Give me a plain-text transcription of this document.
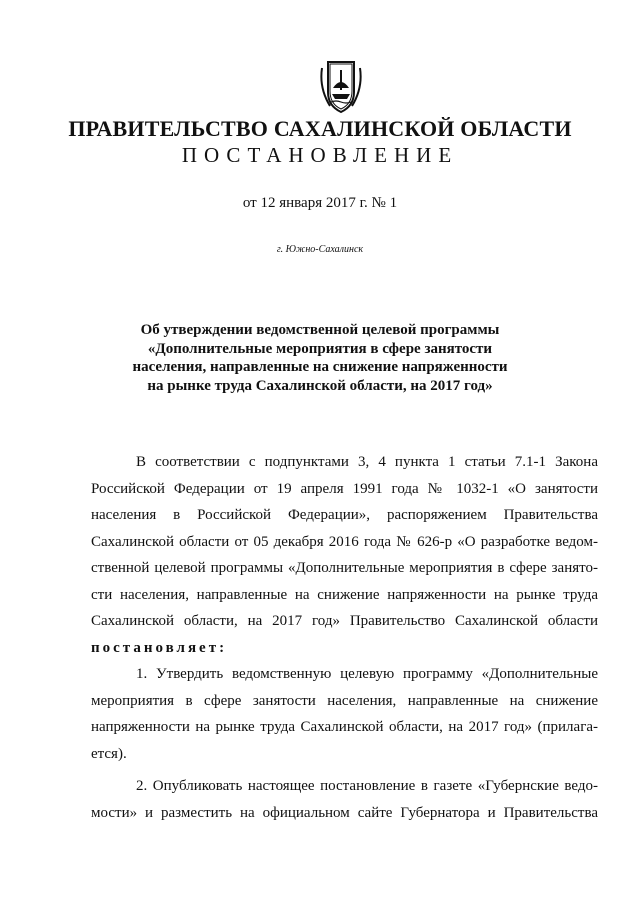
ПРАВИТЕЛЬСТВО САХАЛИНСКОЙ ОБЛАСТИ
ПОСТАНОВЛЕНИЕ
от 12 января 2017 г. № 1
г. Южно-Сахалинск
Об утверждении ведомственной целевой программы
«Дополнительные мероприятия в сфере занятости
населения, направленные на снижение напряженности
на рынке труда Сахалинской области, на 2017 год»
В соответствии с подпунктами 3, 4 пункта 1 статьи 7.1-1 Закона
Российской Федерации от 19 апреля 1991 года № 1032-1 «О занятости
населения в Российской Федерации», распоряжением Правительства
Сахалинской области от 05 декабря 2016 года № 626-р «О разработке ведом-
ственной целевой программы «Дополнительные мероприятия в сфере занято-
сти населения, направленные на снижение напряженности на рынке труда
Сахалинской области, на 2017 год» Правительство Сахалинской области
постановляет:
1. Утвердить ведомственную целевую программу «Дополнительные
мероприятия в сфере занятости населения, направленные на снижение
напряженности на рынке труда Сахалинской области, на 2017 год» (прилага-
ется).
2. Опубликовать настоящее постановление в газете «Губернские ведо-
мости» и разместить на официальном сайте Губернатора и Правительства
